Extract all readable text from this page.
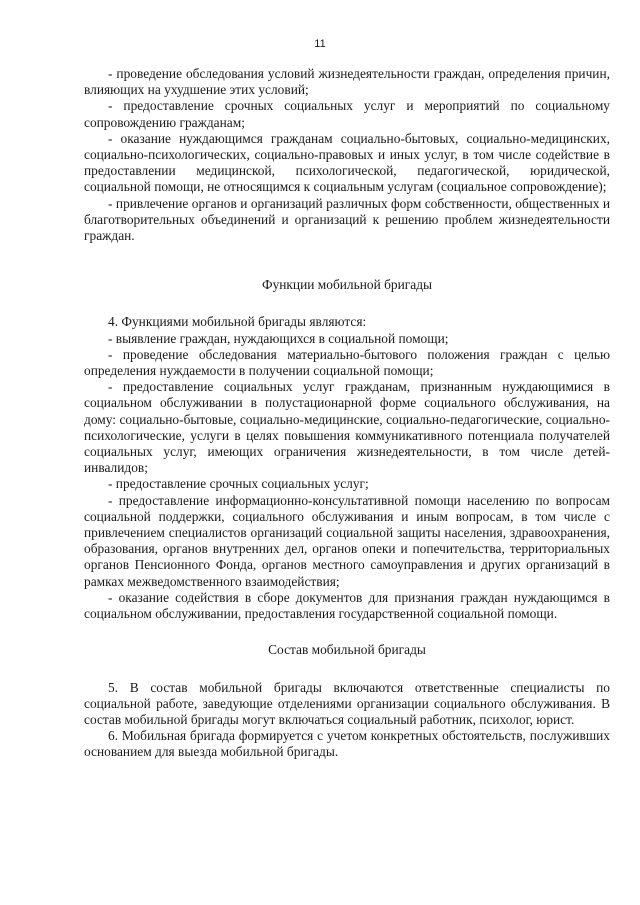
11

- проведение обследования условий жизнедеятельности граждан, определения причин, влияющих на ухудшение этих условий;

- предоставление срочных социальных услуг и мероприятий по социальному сопровождению гражданам;

- оказание нуждающимся гражданам социально-бытовых, социально-медицинских, социально-психологических, социально-правовых и иных услуг, в том числе содействие в предоставлении медицинской, психологической, педагогической, юридической, социальной помощи, не относящимся к социальным услугам (социальное сопровождение);

- привлечение органов и организаций различных форм собственности, общественных и благотворительных объединений и организаций к решению проблем жизнедеятельности граждан.

Функции мобильной бригады

4. Функциями мобильной бригады являются:

- выявление граждан, нуждающихся в социальной помощи;

- проведение обследования материально-бытового положения граждан с целью определения нуждаемости в получении социальной помощи;

- предоставление социальных услуг гражданам, признанным нуждающимися в социальном обслуживании в полустационарной форме социального обслуживания, на дому: социально-бытовые, социально-медицинские, социально-педагогические, социально-психологические, услуги в целях повышения коммуникативного потенциала получателей социальных услуг, имеющих ограничения жизнедеятельности, в том числе детей-инвалидов;

- предоставление срочных социальных услуг;

- предоставление информационно-консультативной помощи населению по вопросам социальной поддержки, социального обслуживания и иным вопросам, в том числе с привлечением специалистов организаций социальной защиты населения, здравоохранения, образования, органов внутренних дел, органов опеки и попечительства, территориальных органов Пенсионного Фонда, органов местного самоуправления и других организаций в рамках межведомственного взаимодействия;

- оказание содействия в сборе документов для признания граждан нуждающимся в социальном обслуживании, предоставления государственной социальной помощи.

Состав мобильной бригады

5. В состав мобильной бригады включаются ответственные специалисты по социальной работе, заведующие отделениями организации социального обслуживания. В состав мобильной бригады могут включаться социальный работник, психолог, юрист.

6. Мобильная бригада формируется с учетом конкретных обстоятельств, послуживших основанием для выезда мобильной бригады.
